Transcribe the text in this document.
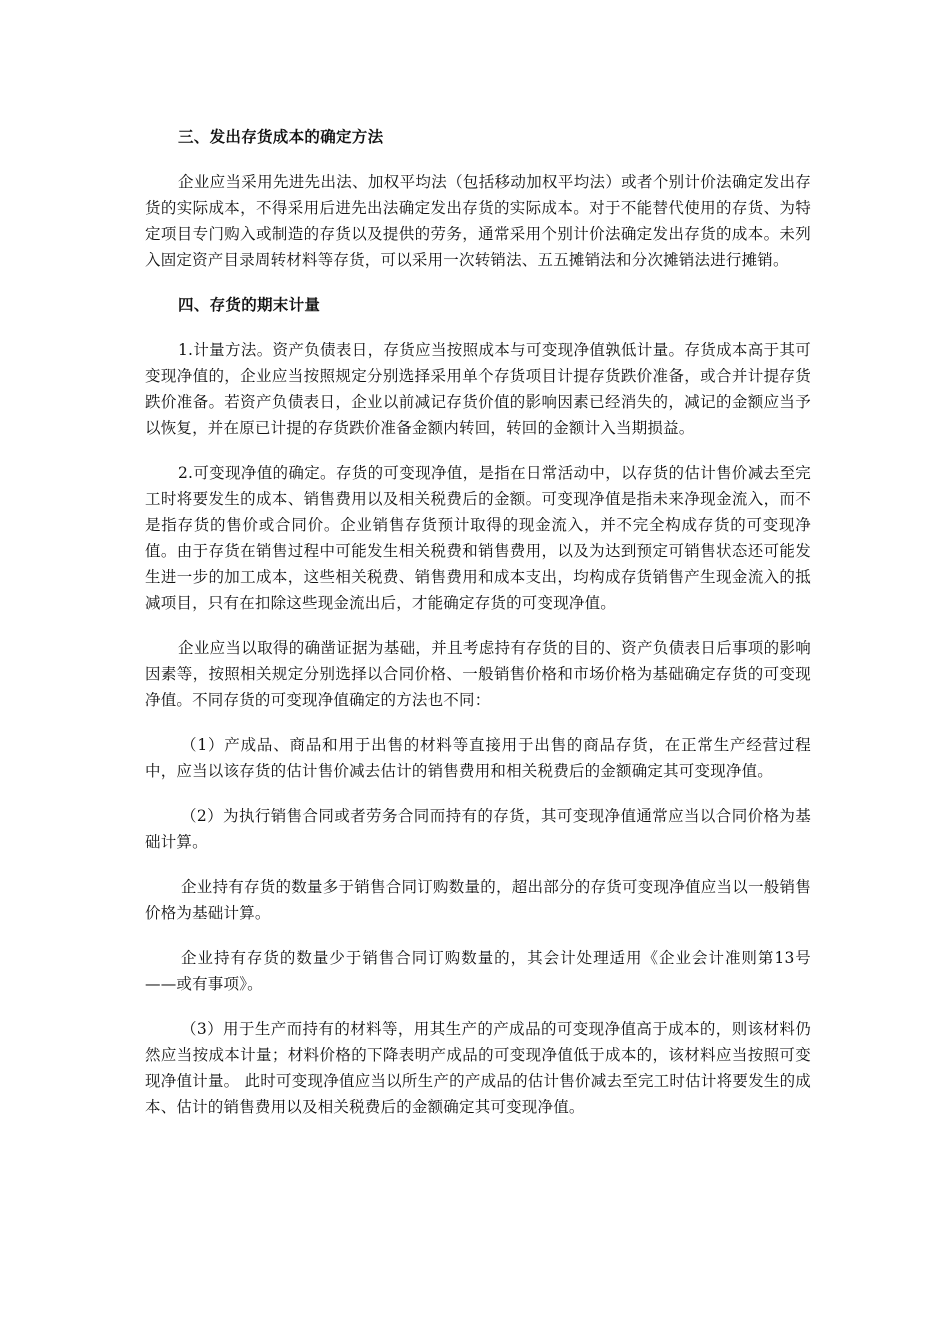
三、发出存货成本的确定方法

企业应当采用先进先出法、加权平均法（包括移动加权平均法）或者个别计价法确定发出存货的实际成本，不得采用后进先出法确定发出存货的实际成本。对于不能替代使用的存货、为特定项目专门购入或制造的存货以及提供的劳务，通常采用个别计价法确定发出存货的成本。未列入固定资产目录周转材料等存货，可以采用一次转销法、五五摊销法和分次摊销法进行摊销。

四、存货的期末计量

1.计量方法。资产负债表日，存货应当按照成本与可变现净值孰低计量。存货成本高于其可变现净值的，企业应当按照规定分别选择采用单个存货项目计提存货跌价准备，或合并计提存货跌价准备。若资产负债表日，企业以前减记存货价值的影响因素已经消失的，减记的金额应当予以恢复，并在原已计提的存货跌价准备金额内转回，转回的金额计入当期损益。

2.可变现净值的确定。存货的可变现净值，是指在日常活动中，以存货的估计售价减去至完工时将要发生的成本、销售费用以及相关税费后的金额。可变现净值是指未来净现金流入，而不是指存货的售价或合同价。企业销售存货预计取得的现金流入，并不完全构成存货的可变现净值。由于存货在销售过程中可能发生相关税费和销售费用，以及为达到预定可销售状态还可能发生进一步的加工成本，这些相关税费、销售费用和成本支出，均构成存货销售产生现金流入的抵减项目，只有在扣除这些现金流出后，才能确定存货的可变现净值。

企业应当以取得的确凿证据为基础，并且考虑持有存货的目的、资产负债表日后事项的影响因素等，按照相关规定分别选择以合同价格、一般销售价格和市场价格为基础确定存货的可变现净值。不同存货的可变现净值确定的方法也不同：

（1）产成品、商品和用于出售的材料等直接用于出售的商品存货，在正常生产经营过程中，应当以该存货的估计售价减去估计的销售费用和相关税费后的金额确定其可变现净值。

（2）为执行销售合同或者劳务合同而持有的存货，其可变现净值通常应当以合同价格为基础计算。

企业持有存货的数量多于销售合同订购数量的，超出部分的存货可变现净值应当以一般销售价格为基础计算。

企业持有存货的数量少于销售合同订购数量的，其会计处理适用《企业会计准则第13号——或有事项》。

（3）用于生产而持有的材料等，用其生产的产成品的可变现净值高于成本的，则该材料仍然应当按成本计量；材料价格的下降表明产成品的可变现净值低于成本的，该材料应当按照可变现净值计量。 此时可变现净值应当以所生产的产成品的估计售价减去至完工时估计将要发生的成本、估计的销售费用以及相关税费后的金额确定其可变现净值。
